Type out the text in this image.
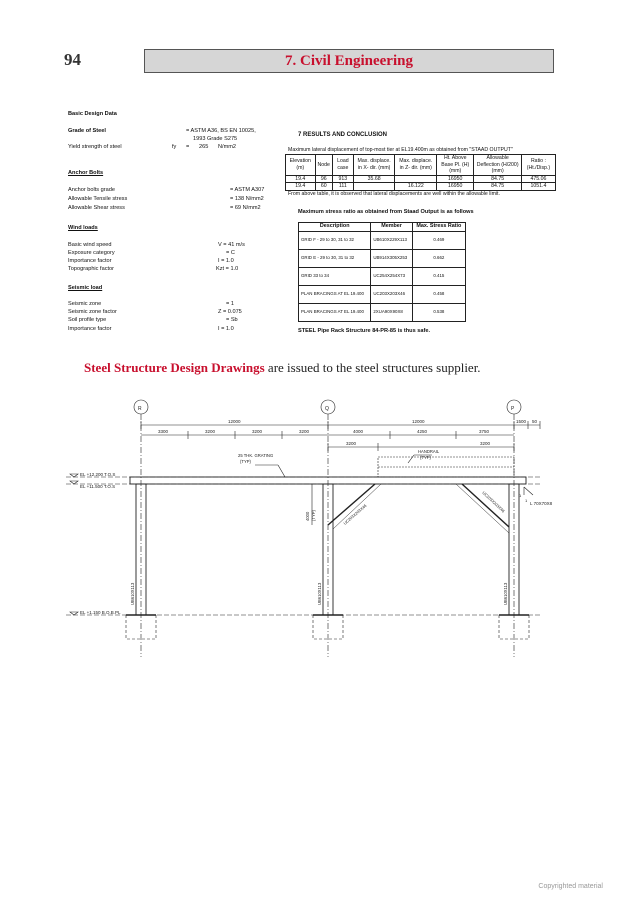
94	7. Civil Engineering
Basic Design Data
Grade of Steel	= ASTM A36, BS EN 10025,
1993 Grade S275
Yield strength of steel	fy = 265 N/mm2
Anchor Bolts
Anchor bolts grade	= ASTM A307
Allowable Tensile stress	= 138 N/mm2
Allowable Shear stress	= 69 N/mm2
Wind loads
Basic wind speed	V = 41 m/s
Exposure category	= C
Importance factor	I = 1.0
Topographic factor	Kzt = 1.0
Seismic load
Seismic zone	= 1
Seismic zone factor	Z = 0.075
Soil profile type	= Sb
Importance factor	I = 1.0
7 RESULTS AND CONCLUSION
Maximum lateral displacement of top-most tier at EL19.400m as obtained from "STAAD OUTPUT"
Elevation (m)	Node	Load case	Max. displace. in X- dir. (mm)	Max. displace. in Z- dir. (mm)	Ht. Above Base Pl. (H) (mm)	Allowable Deflection (H/200) (mm)	Ratio : (Ht./Disp.)
19.4	96	913	35.68		16950	84.75	475.06
19.4	60	111		16.122	16950	84.75	1051.4
From above table, it is observed that lateral displacements are well within the allowable limit.
Maximum stress ratio as obtained from Staad Output is as follows
Description	Member	Max. Stress Ratio
GRID F - 29 to 30, 31 to 32	UB610X229X113	0.469
GRID E - 29 to 30, 31 to 32	UB914X305X253	0.662
GRID 33 to 34	UC254X254X73	0.415
PLAN BRACINGS AT EL 19.400	UC203X203X46	0.458
PLAN BRACINGS AT EL 19.400	2XUA90X90X8	0.538
STEEL Pipe Rack Structure 84-PR-85 is thus safe.
Steel Structure Design Drawings are issued to the steel structures supplier.
R	Q	P
12000	12000	1500 50
3300	3200	3200	3200	4000	4250	3750
3200	3200
25 THK. GRATING
(TYP)
HANDRAIL
(TYP)
EL +12.200 T.O.S
EL +11.500 T.O.S
EL +1.150 B.O.B.PL
1
1
L 70X70X8
4000 (TYP)
UB610X113	UB610X113	UB610X113
UC203X203X46
UC203X203X46
Copyrighted material
